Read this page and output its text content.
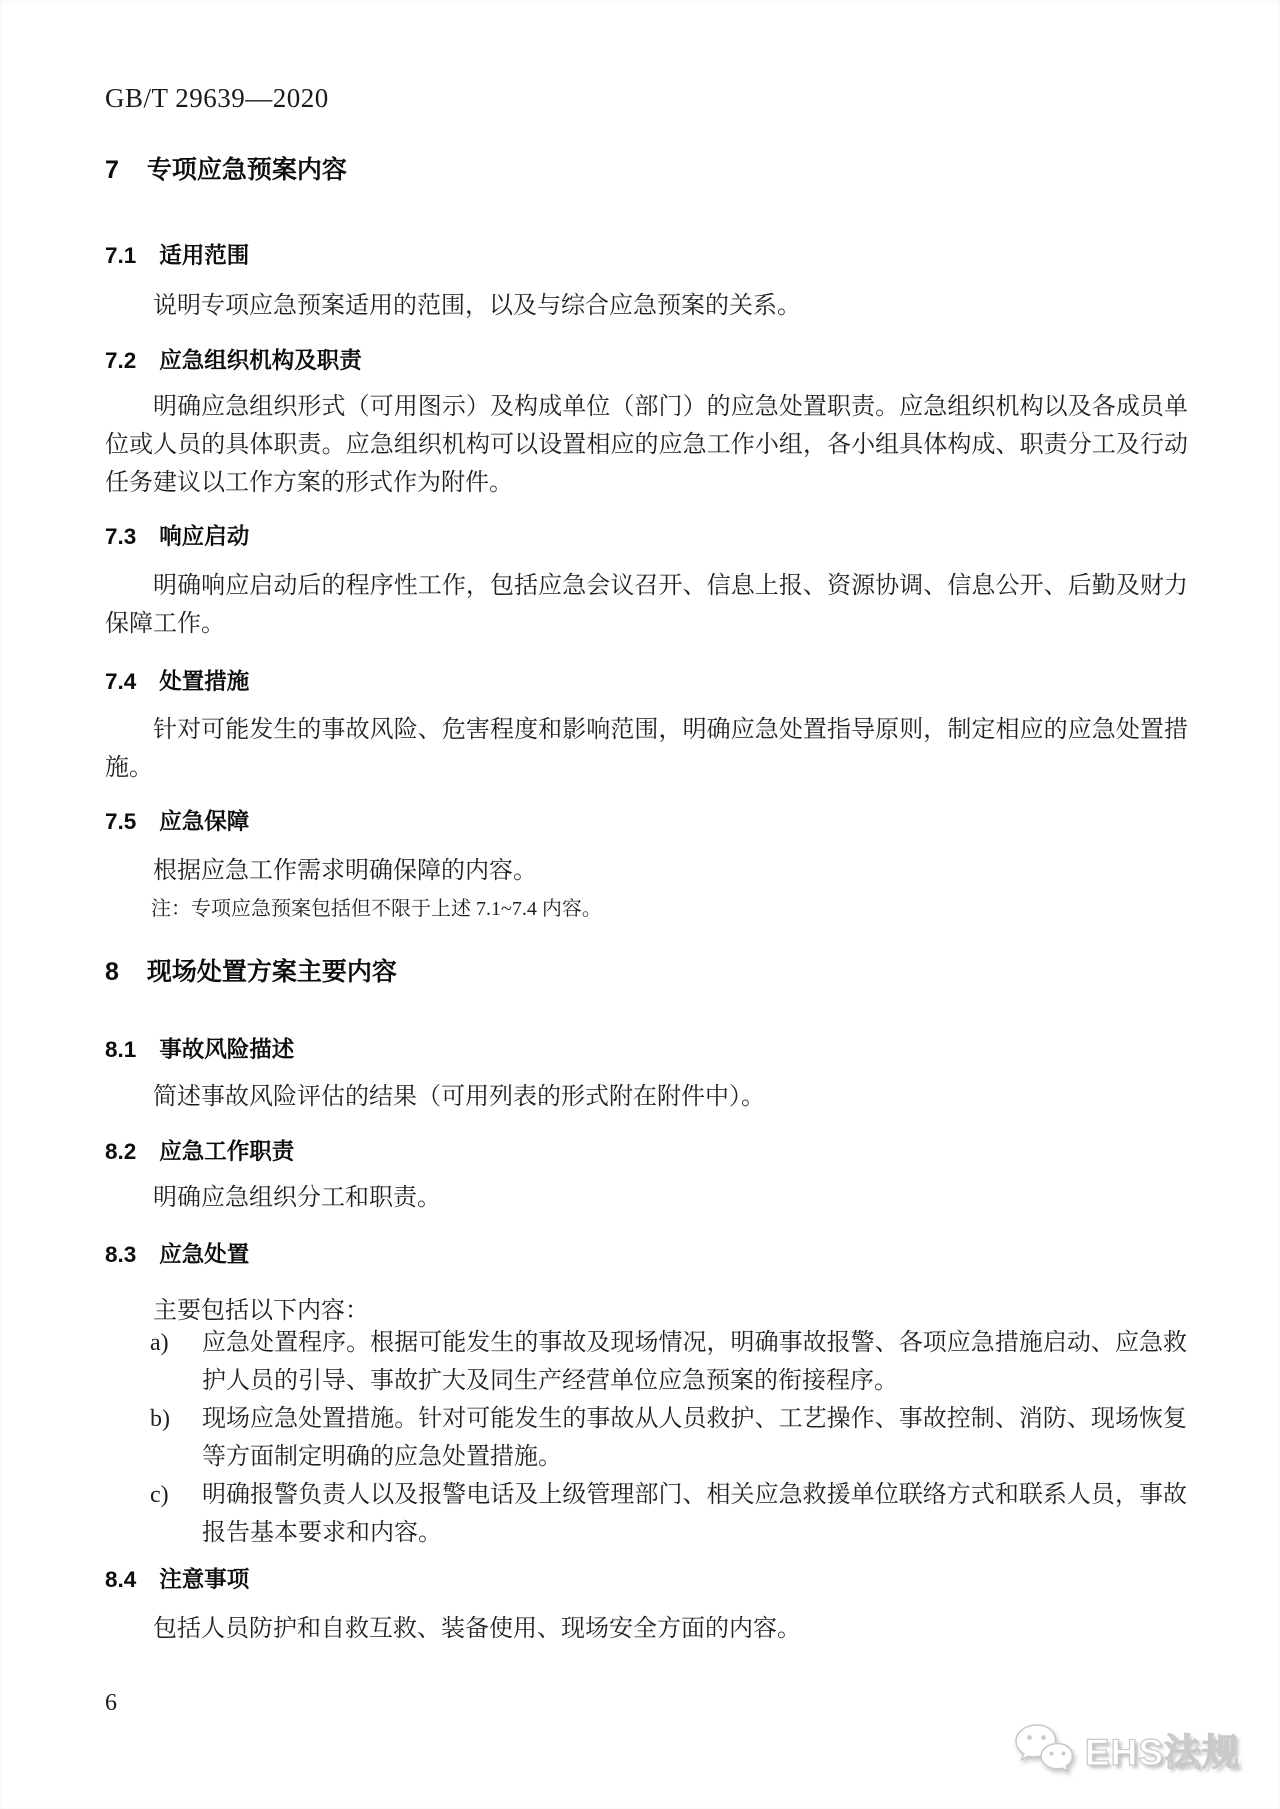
GB/T 29639—2020
7 专项应急预案内容
7.1 适用范围
说明专项应急预案适用的范围，以及与综合应急预案的关系。
7.2 应急组织机构及职责
明确应急组织形式（可用图示）及构成单位（部门）的应急处置职责。应急组织机构以及各成员单位或人员的具体职责。应急组织机构可以设置相应的应急工作小组，各小组具体构成、职责分工及行动任务建议以工作方案的形式作为附件。
7.3 响应启动
明确响应启动后的程序性工作，包括应急会议召开、信息上报、资源协调、信息公开、后勤及财力保障工作。
7.4 处置措施
针对可能发生的事故风险、危害程度和影响范围，明确应急处置指导原则，制定相应的应急处置措施。
7.5 应急保障
根据应急工作需求明确保障的内容。
注：专项应急预案包括但不限于上述 7.1~7.4 内容。
8 现场处置方案主要内容
8.1 事故风险描述
简述事故风险评估的结果（可用列表的形式附在附件中）。
8.2 应急工作职责
明确应急组织分工和职责。
8.3 应急处置
主要包括以下内容：
a)	应急处置程序。根据可能发生的事故及现场情况，明确事故报警、各项应急措施启动、应急救护人员的引导、事故扩大及同生产经营单位应急预案的衔接程序。
b)	现场应急处置措施。针对可能发生的事故从人员救护、工艺操作、事故控制、消防、现场恢复等方面制定明确的应急处置措施。
c)	明确报警负责人以及报警电话及上级管理部门、相关应急救援单位联络方式和联系人员，事故报告基本要求和内容。
8.4 注意事项
包括人员防护和自救互救、装备使用、现场安全方面的内容。
6
EHS法规
